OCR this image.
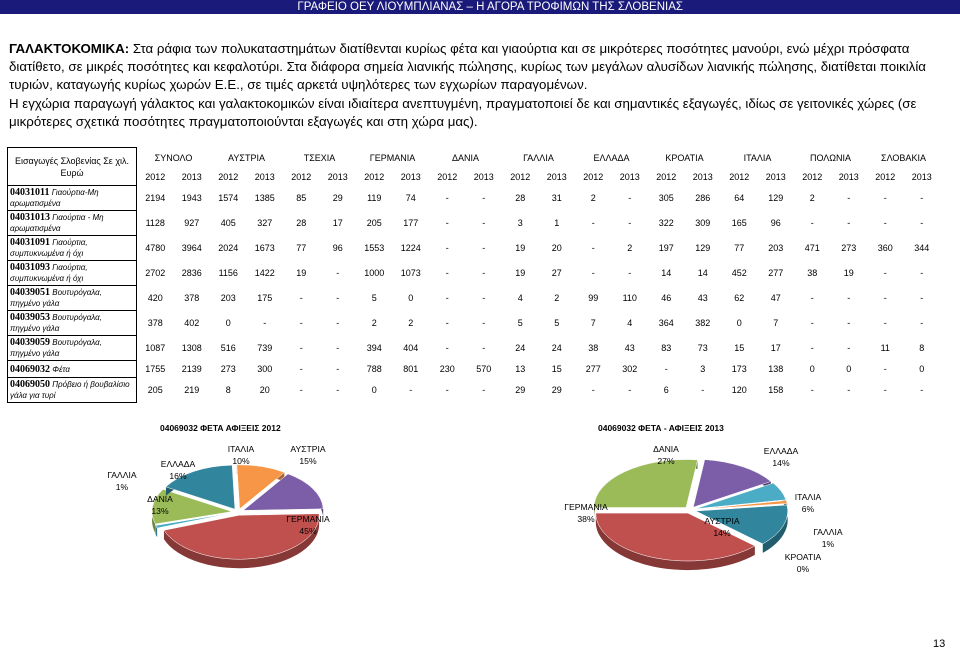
ΓΡΑΦΕΙΟ ΟΕΥ ΛΙΟΥΜΠΛΙΑΝΑΣ – Η ΑΓΟΡΑ ΤΡΟΦΙΜΩΝ ΤΗΣ ΣΛΟΒΕΝΙΑΣ
ΓΑΛΑΚΤΟΚΟΜΙΚΑ: Στα ράφια των πολυκαταστημάτων διατίθενται κυρίως φέτα και γιαούρτια και σε μικρότερες ποσότητες μανούρι, ενώ μέχρι πρόσφατα διατίθετο, σε μικρές ποσότητες και κεφαλοτύρι. Στα διάφορα σημεία λιανικής πώλησης, κυρίως των μεγάλων αλυσίδων λιανικής πώλησης, διατίθεται ποικιλία τυριών, καταγωγής κυρίως χωρών Ε.Ε., σε τιμές αρκετά υψηλότερες των εγχωρίων παραγομένων.
Η εγχώρια παραγωγή γάλακτος και γαλακτοκομικών είναι ιδιαίτερα ανεπτυγμένη, πραγματοποιεί δε και σημαντικές εξαγωγές, ιδίως σε γειτονικές χώρες (σε μικρότερες σχετικά ποσότητες πραγματοποιούνται εξαγωγές και στη χώρα μας).
Εισαγωγές Σλοβενίας Σε χιλ. Ευρώ	ΣΥΝΟΛΟ		ΑΥΣΤΡΙΑ		ΤΣΕΧΙΑ		ΓΕΡΜΑΝΙΑ		ΔΑΝΙΑ		ΓΑΛΛΙΑ		ΕΛΛΑΔΑ		ΚΡΟΑΤΙΑ		ΙΤΑΛΙΑ		ΠΟΛΩΝΙΑ		ΣΛΟΒΑΚΙΑ	
	2012	2013	2012	2013	2012	2013	2012	2013	2012	2013	2012	2013	2012	2013	2012	2013	2012	2013	2012	2013	2012	2013
04031011 Γιαούρτια-Μη αρωματισμένα	2194	1943	1574	1385	85	29	119	74	-	-	28	31	2	-	305	286	64	129	2	-	-	-
04031013 Γιαούρτια - Μη αρωματισμένα	1128	927	405	327	28	17	205	177	-	-	3	1	-	-	322	309	165	96	-	-	-	-
04031091 Γιαούρτια, συμπυκνωμένα ή όχι	4780	3964	2024	1673	77	96	1553	1224	-	-	19	20	-	2	197	129	77	203	471	273	360	344
04031093 Γιαούρτια, συμπυκνωμένα ή όχι	2702	2836	1156	1422	19	-	1000	1073	-	-	19	27	-	-	14	14	452	277	38	19	-	-
04039051 Βουτυρόγαλα, πηγμένο γάλα	420	378	203	175	-	-	5	0	-	-	4	2	99	110	46	43	62	47	-	-	-	-
04039053 Βουτυρόγαλα, πηγμένο γάλα	378	402	0	-	-	-	2	2	-	-	5	5	7	4	364	382	0	7	-	-	-	-
04039059 Βουτυρόγαλα, πηγμένο γάλα	1087	1308	516	739	-	-	394	404	-	-	24	24	38	43	83	73	15	17	-	-	11	8
04069032 Φέτα	1755	2139	273	300	-	-	788	801	230	570	13	15	277	302	-	3	173	138	0	0	-	0
04069050 Πρόβειο ή βουβαλίσιο γάλα για τυρί	205	219	8	20	-	-	0	-	-	-	29	29	-	-	6	-	120	158	-	-	-	-
04069032 ΦΕΤΑ ΑΦΙΞΕΙΣ 2012	04069032 ΦΕΤΑ - ΑΦΙΞΕΙΣ 2013
ΓΕΡΜΑΝΙΑ
45%
ΓΑΛΛΙΑ
1%
ΔΑΝΙΑ
13%
ΕΛΛΑΔΑ
16%
ΙΤΑΛΙΑ
10%
ΑΥΣΤΡΙΑ
15%
ΔΑΝΙΑ
27%
ΕΛΛΑΔΑ
14%
ΙΤΑΛΙΑ
6%
ΓΑΛΛΙΑ
1%
ΚΡΟΑΤΙΑ
0%
ΑΥΣΤΡΙΑ
14%
ΓΕΡΜΑΝΙΑ
38%
13
